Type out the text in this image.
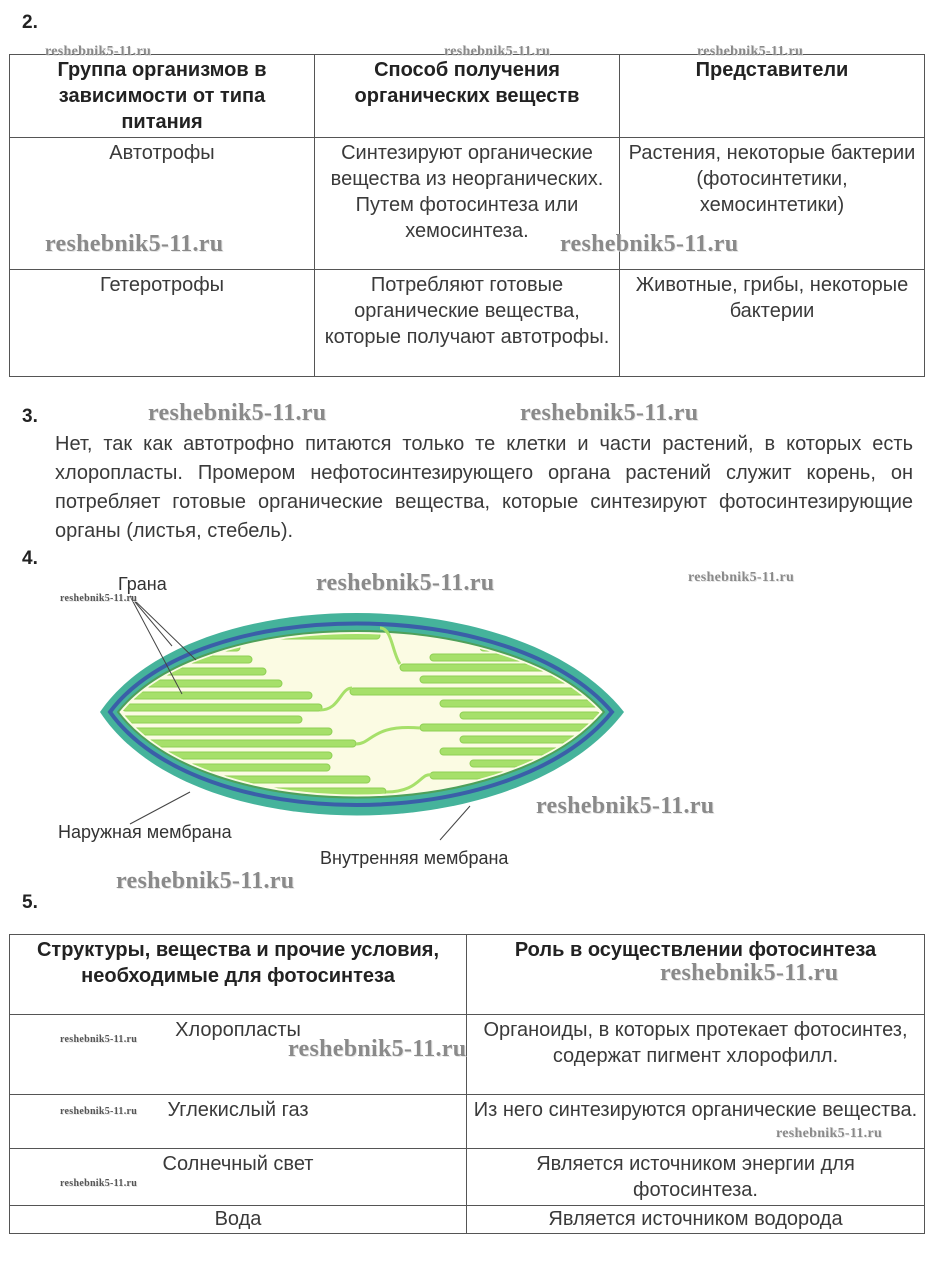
2.
Группа организмов в зависимости от типа питания	Способ получения органических веществ	Представители
Автотрофы	Синтезируют органические вещества из неорганических. Путем фотосинтеза или хемосинтеза.	Растения, некоторые бактерии (фотосинтетики, хемосинтетики)
Гетеротрофы	Потребляют готовые органические вещества, которые получают автотрофы.	Животные, грибы, некоторые бактерии
reshebnik5-11.ru	reshebnik5-11.ru	reshebnik5-11.ru
reshebnik5-11.ru	reshebnik5-11.ru
3.	reshebnik5-11.ru	reshebnik5-11.ru
Нет, так как автотрофно питаются только те клетки и части растений, в которых есть хлоропласты. Промером нефотосинтезирующего органа растений служит корень, он потребляет готовые органические вещества, которые синтезируют фотосинтезирующие органы (листья, стебель).
4.
Грана
Наружная мембрана
Внутренняя мембрана
reshebnik5-11.ru
reshebnik5-11.ru	reshebnik5-11.ru
reshebnik5-11.ru
reshebnik5-11.ru
5.
Структуры, вещества и прочие условия, необходимые для фотосинтеза	Роль в осуществлении фотосинтеза
Хлоропласты	Органоиды, в которых протекает фотосинтез, содержат пигмент хлорофилл.
Углекислый газ	Из него синтезируются органические вещества.
Солнечный свет	Является источником энергии для фотосинтеза.
Вода	Является источником водорода
reshebnik5-11.ru
reshebnik5-11.ru	reshebnik5-11.ru
reshebnik5-11.ru
reshebnik5-11.ru
reshebnik5-11.ru
